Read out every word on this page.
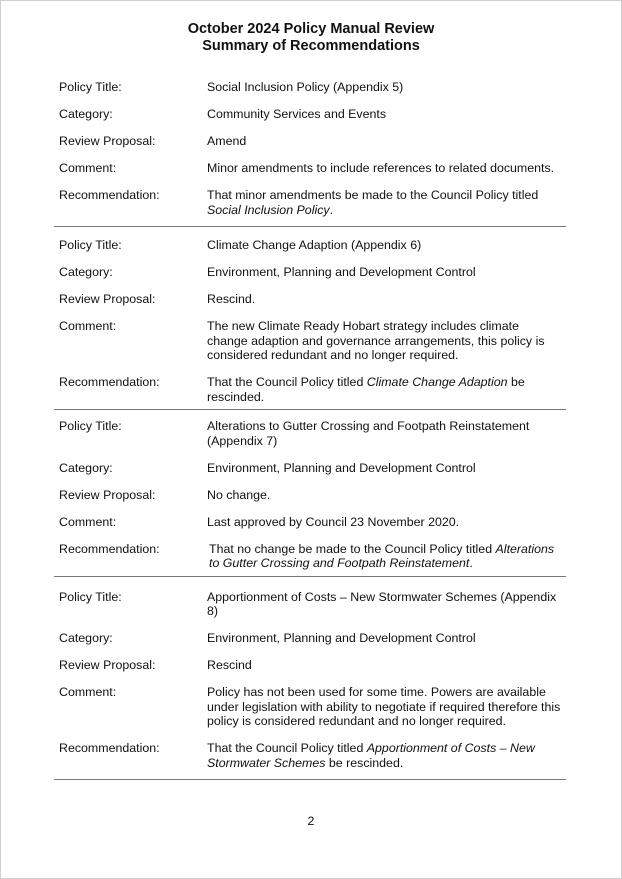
October 2024 Policy Manual Review
Summary of Recommendations
Policy Title:	Social Inclusion Policy (Appendix 5)
Category:	Community Services and Events
Review Proposal:	Amend
Comment:	Minor amendments to include references to related documents.
Recommendation:	That minor amendments be made to the Council Policy titled Social Inclusion Policy.
Policy Title:	Climate Change Adaption (Appendix 6)
Category:	Environment, Planning and Development Control
Review Proposal:	Rescind.
Comment:	The new Climate Ready Hobart strategy includes climate change adaption and governance arrangements, this policy is considered redundant and no longer required.
Recommendation:	That the Council Policy titled Climate Change Adaption be rescinded.
Policy Title:	Alterations to Gutter Crossing and Footpath Reinstatement (Appendix 7)
Category:	Environment, Planning and Development Control
Review Proposal:	No change.
Comment:	Last approved by Council 23 November 2020.
Recommendation:	That no change be made to the Council Policy titled Alterations to Gutter Crossing and Footpath Reinstatement.
Policy Title:	Apportionment of Costs – New Stormwater Schemes (Appendix 8)
Category:	Environment, Planning and Development Control
Review Proposal:	Rescind
Comment:	Policy has not been used for some time. Powers are available under legislation with ability to negotiate if required therefore this policy is considered redundant and no longer required.
Recommendation:	That the Council Policy titled Apportionment of Costs – New Stormwater Schemes be rescinded.
2
